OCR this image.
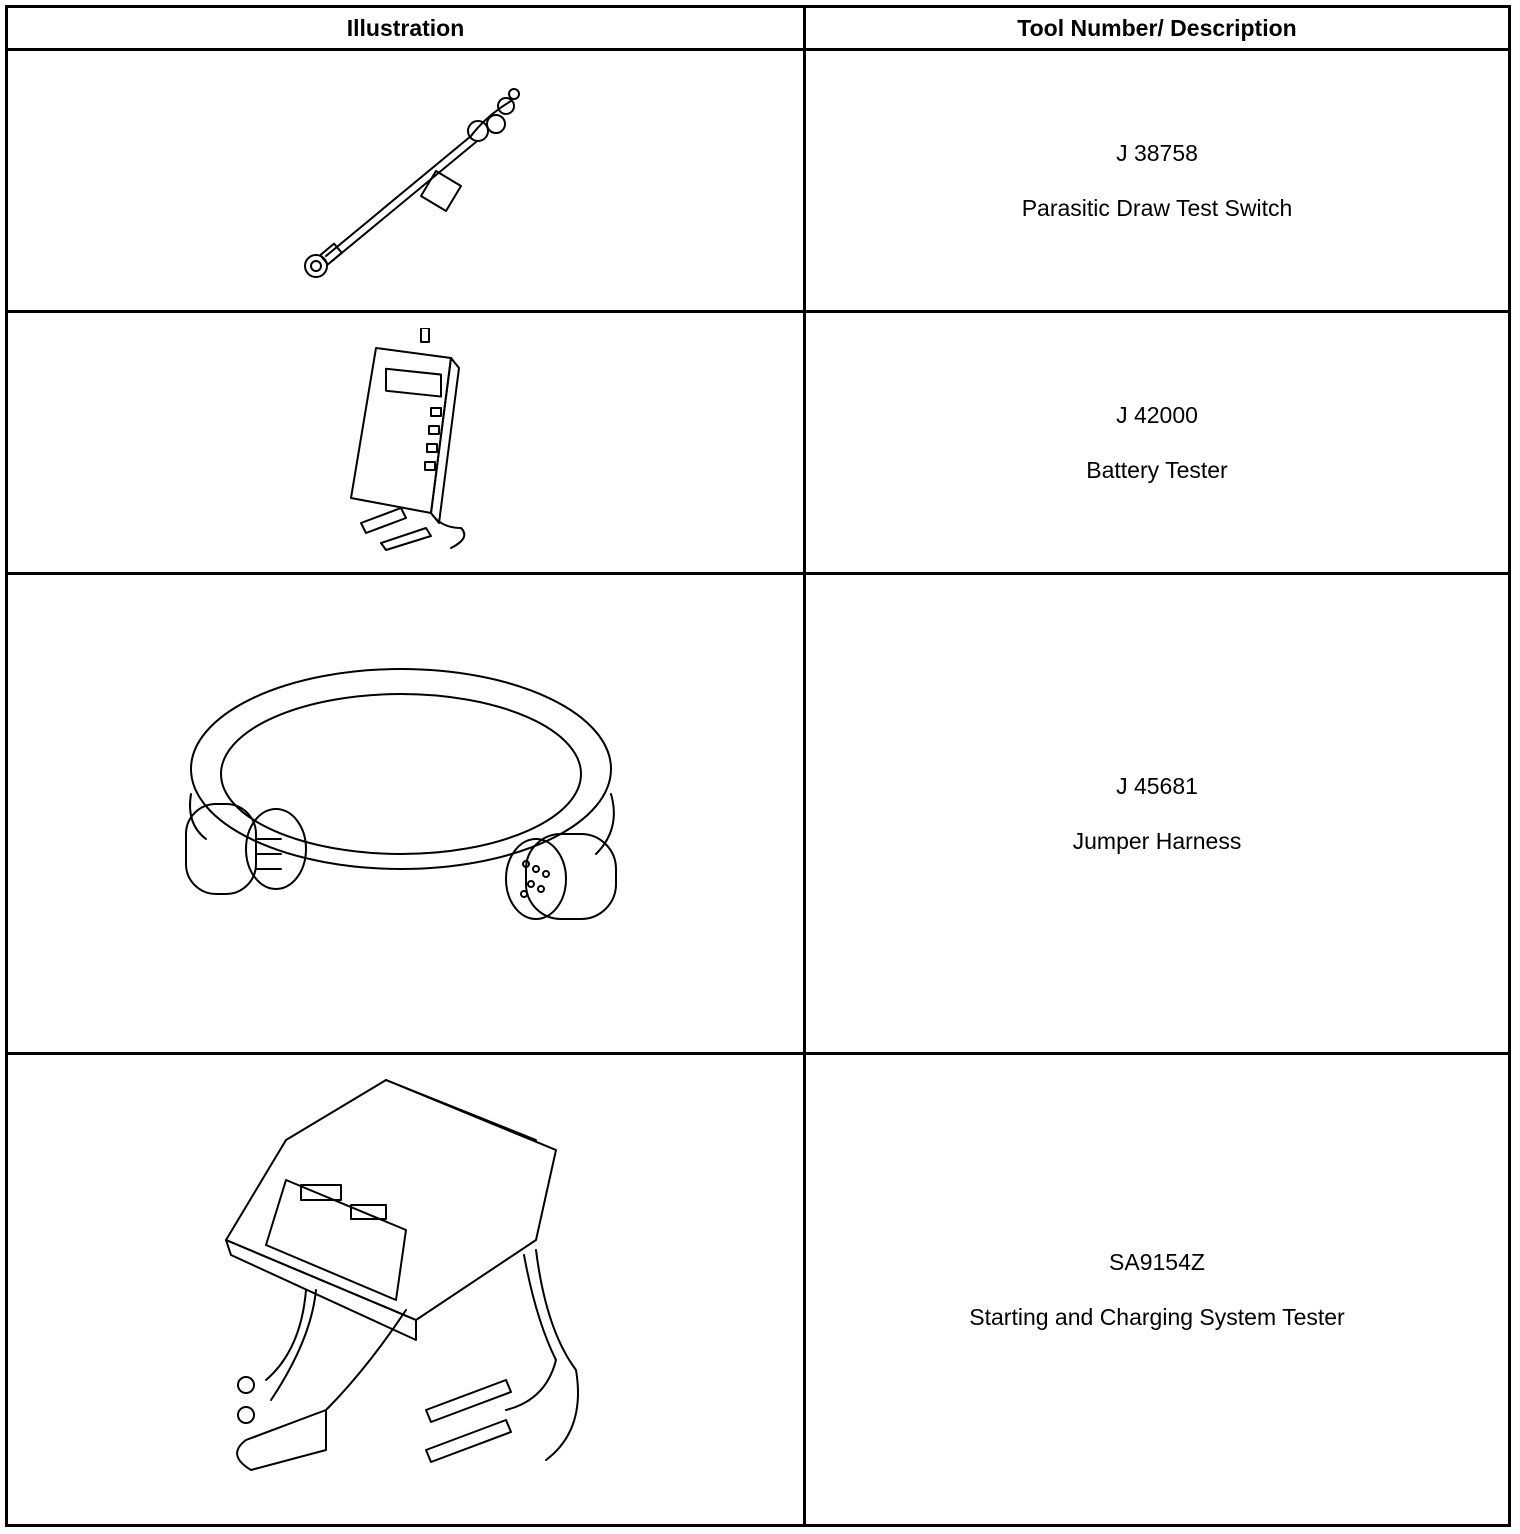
Illustration	Tool Number/ Description

J 38758
Parasitic Draw Test Switch

J 42000
Battery Tester

J 45681
Jumper Harness

SA9154Z
Starting and Charging System Tester
